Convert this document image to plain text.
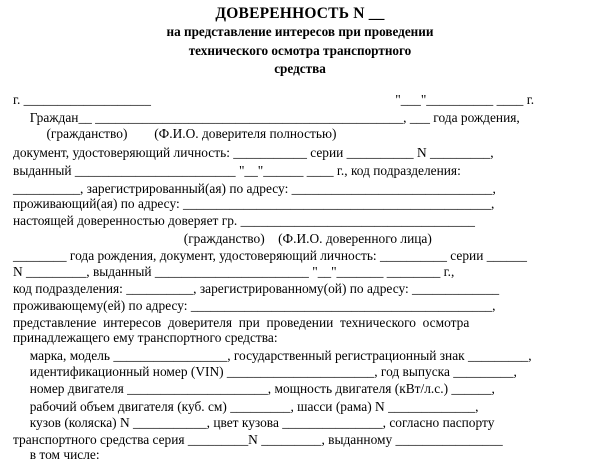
ДОВЕРЕННОСТЬ N __
на представление интересов при проведении
технического осмотра транспортного
средства
г. ___________________                                                                         "___"__________ ____ г.
Граждан__ ______________________________________________, ___ года рождения,
(гражданство)        (Ф.И.О. доверителя полностью)
документ, удостоверяющий личность: ___________ серии __________ N _________,
выданный ________________________ "__"______ ____ г., код подразделения:
__________, зарегистрированный(ая) по адресу: ______________________________,
проживающий(ая) по адресу: ______________________________________________,
настоящей доверенностью доверяет гр. ___________________________________
(гражданство)    (Ф.И.О. доверенного лица)
________ года рождения, документ, удостоверяющий личность: __________ серии ______
N _________, выданный _______________________ "__"_______ ________ г.,
код подразделения: __________, зарегистрированному(ой) по адресу: _____________
проживающему(ей) по адресу: _____________________________________________,
представление  интересов  доверителя  при  проведении  технического  осмотра
принадлежащего ему транспортного средства:
марка, модель _________________, государственный регистрационный знак _________,
идентификационный номер (VIN) ______________________, год выпуска _________,
номер двигателя _____________________, мощность двигателя (кВт/л.с.) ______,
рабочий объем двигателя (куб. см) _________, шасси (рама) N _____________,
кузов (коляска) N ___________, цвет кузова _______________, согласно паспорту
транспортного средства серия _________N _________, выданному ________________
в том числе:
